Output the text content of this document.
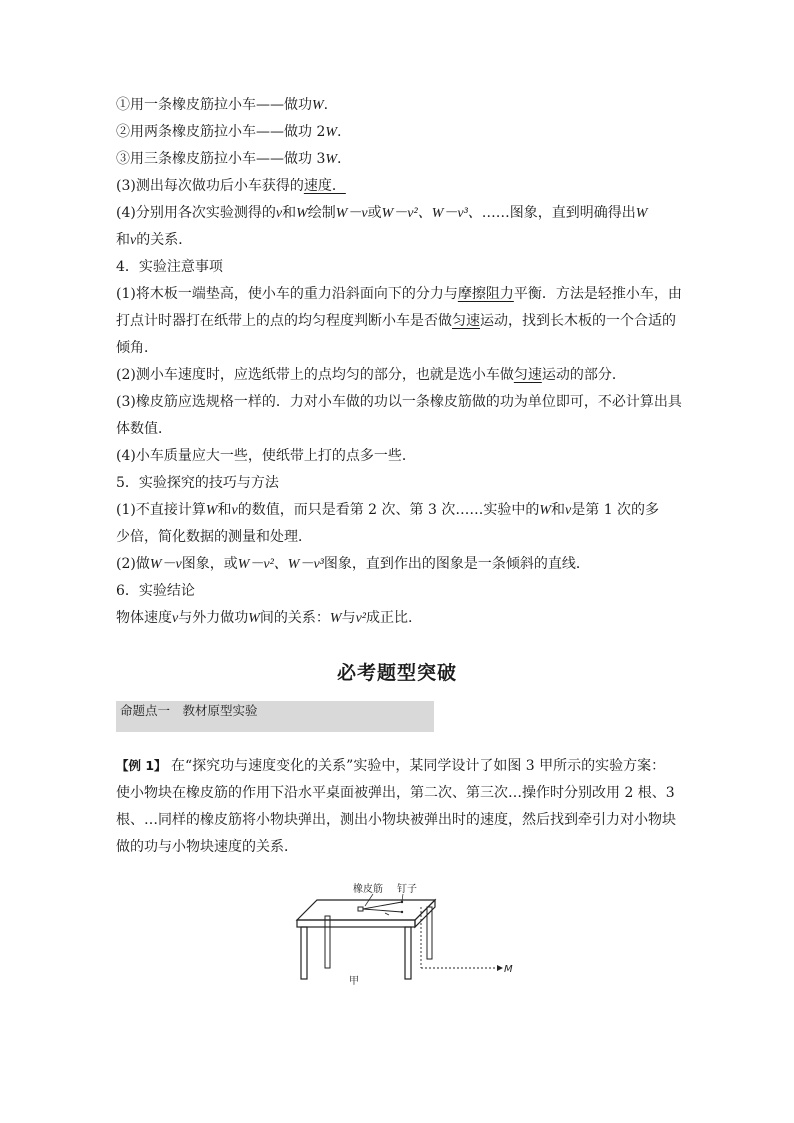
①用一条橡皮筋拉小车——做功W.
②用两条橡皮筋拉小车——做功 2W.
③用三条橡皮筋拉小车——做功 3W.
(3)测出每次做功后小车获得的速度．
(4)分别用各次实验测得的v和W绘制W－v或W－v²、W－v³、……图象，直到明确得出W
和v的关系．
4．实验注意事项
(1)将木板一端垫高，使小车的重力沿斜面向下的分力与摩擦阻力平衡．方法是轻推小车，由
打点计时器打在纸带上的点的均匀程度判断小车是否做匀速运动，找到长木板的一个合适的
倾角．
(2)测小车速度时，应选纸带上的点均匀的部分，也就是选小车做匀速运动的部分．
(3)橡皮筋应选规格一样的．力对小车做的功以一条橡皮筋做的功为单位即可，不必计算出具
体数值．
(4)小车质量应大一些，使纸带上打的点多一些．
5．实验探究的技巧与方法
(1)不直接计算W和v的数值，而只是看第 2 次、第 3 次……实验中的W和v是第 1 次的多
少倍，简化数据的测量和处理．
(2)做W－v图象，或W－v²、W－v³图象，直到作出的图象是一条倾斜的直线．
6．实验结论
物体速度v与外力做功W间的关系：W与v²成正比.
必考题型突破
命题点一　教材原型实验
【例 1】 在“探究功与速度变化的关系”实验中，某同学设计了如图 3 甲所示的实验方案：使小物块在橡皮筋的作用下沿水平桌面被弹出，第二次、第三次…操作时分别改用 2 根、3 根、…同样的橡皮筋将小物块弹出，测出小物块被弹出时的速度，然后找到牵引力对小物块做的功与小物块速度的关系．
橡皮筋 钉子
M
甲
